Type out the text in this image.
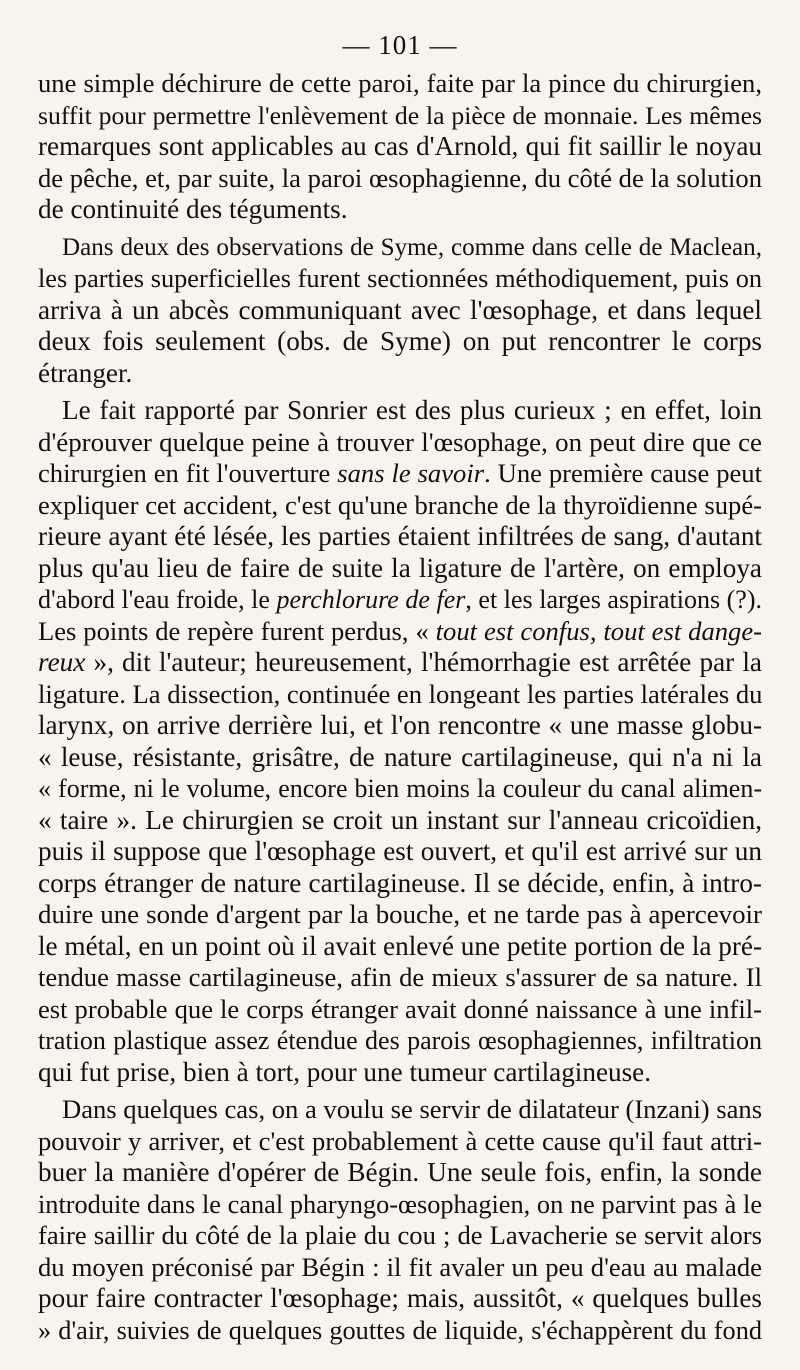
— 101 —
une simple déchirure de cette paroi, faite par la pince du chirurgien,
suffit pour permettre l'enlèvement de la pièce de monnaie. Les mêmes
remarques sont applicables au cas d'Arnold, qui fit saillir le noyau
de pêche, et, par suite, la paroi œsophagienne, du côté de la solution
de continuité des téguments.
Dans deux des observations de Syme, comme dans celle de Maclean,
les parties superficielles furent sectionnées méthodiquement, puis on
arriva à un abcès communiquant avec l'œsophage, et dans lequel
deux fois seulement (obs. de Syme) on put rencontrer le corps
étranger.
Le fait rapporté par Sonrier est des plus curieux ; en effet, loin
d'éprouver quelque peine à trouver l'œsophage, on peut dire que ce
chirurgien en fit l'ouverture sans le savoir. Une première cause peut
expliquer cet accident, c'est qu'une branche de la thyroïdienne supé-
rieure ayant été lésée, les parties étaient infiltrées de sang, d'autant
plus qu'au lieu de faire de suite la ligature de l'artère, on employa
d'abord l'eau froide, le perchlorure de fer, et les larges aspirations (?).
Les points de repère furent perdus, « tout est confus, tout est dange-
reux », dit l'auteur; heureusement, l'hémorrhagie est arrêtée par la
ligature. La dissection, continuée en longeant les parties latérales du
larynx, on arrive derrière lui, et l'on rencontre « une masse globu-
« leuse, résistante, grisâtre, de nature cartilagineuse, qui n'a ni la
« forme, ni le volume, encore bien moins la couleur du canal alimen-
« taire ». Le chirurgien se croit un instant sur l'anneau cricoïdien,
puis il suppose que l'œsophage est ouvert, et qu'il est arrivé sur un
corps étranger de nature cartilagineuse. Il se décide, enfin, à intro-
duire une sonde d'argent par la bouche, et ne tarde pas à apercevoir
le métal, en un point où il avait enlevé une petite portion de la pré-
tendue masse cartilagineuse, afin de mieux s'assurer de sa nature. Il
est probable que le corps étranger avait donné naissance à une infil-
tration plastique assez étendue des parois œsophagiennes, infiltration
qui fut prise, bien à tort, pour une tumeur cartilagineuse.
Dans quelques cas, on a voulu se servir de dilatateur (Inzani) sans
pouvoir y arriver, et c'est probablement à cette cause qu'il faut attri-
buer la manière d'opérer de Bégin. Une seule fois, enfin, la sonde
introduite dans le canal pharyngo-œsophagien, on ne parvint pas à le
faire saillir du côté de la plaie du cou ; de Lavacherie se servit alors
du moyen préconisé par Bégin : il fit avaler un peu d'eau au malade
pour faire contracter l'œsophage; mais, aussitôt, « quelques bulles
» d'air, suivies de quelques gouttes de liquide, s'échappèrent du fond
